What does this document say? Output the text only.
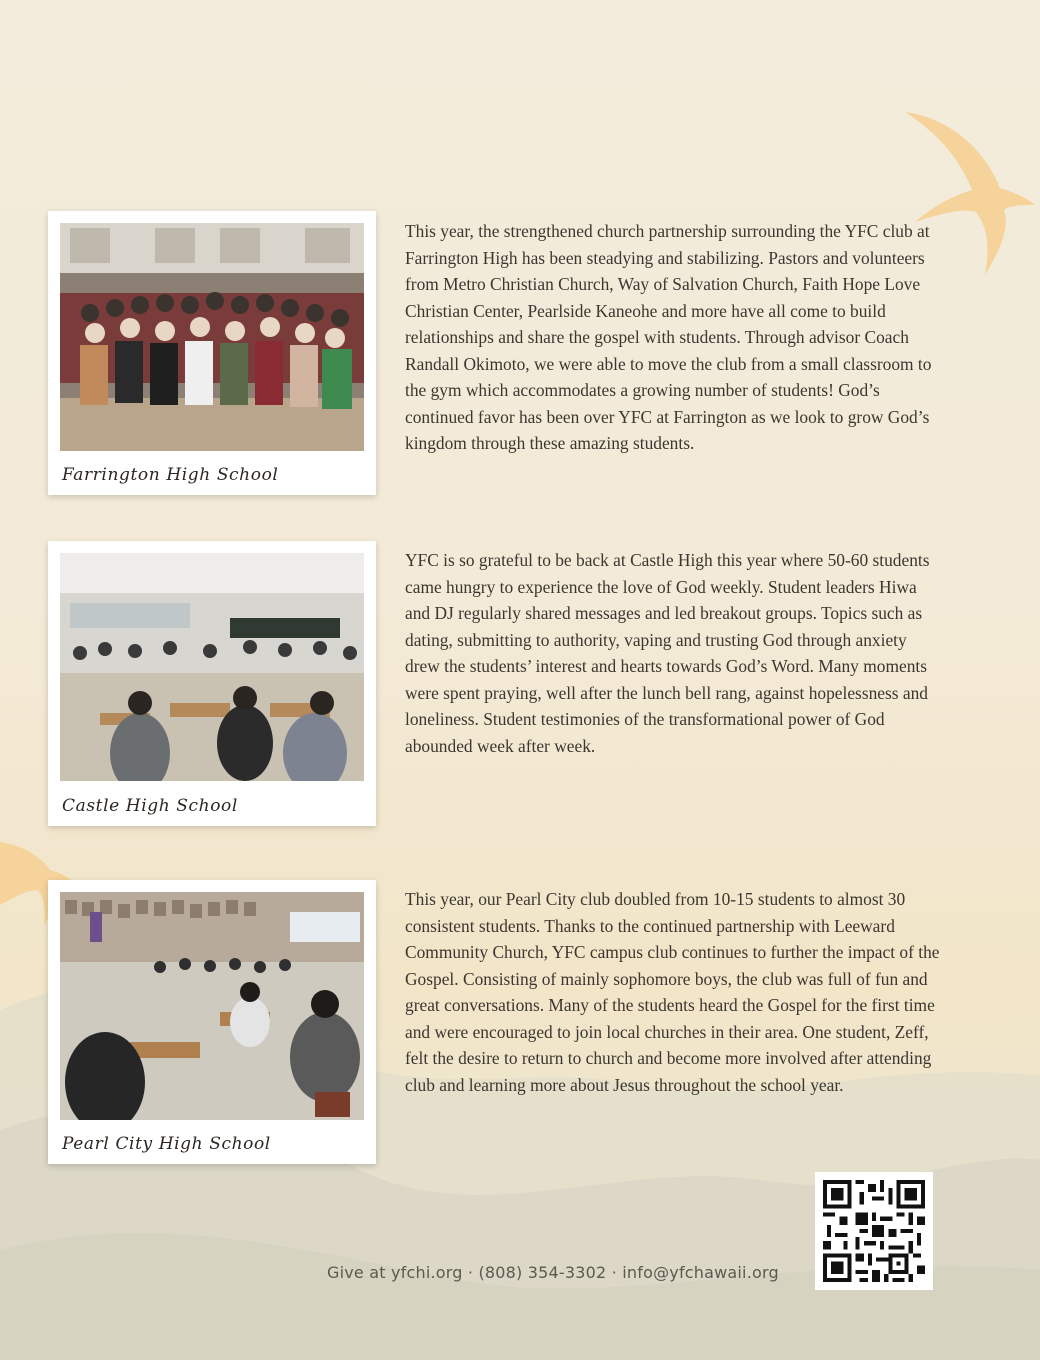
Farrington High School

This year, the strengthened church partnership surrounding the YFC club at Farrington High has been steadying and stabilizing. Pastors and volunteers from Metro Christian Church, Way of Salvation Church, Faith Hope Love Christian Center, Pearlside Kaneohe and more have all come to build relationships and share the gospel with students. Through advisor Coach Randall Okimoto, we were able to move the club from a small classroom to the gym which accommodates a growing number of students! God’s continued favor has been over YFC at Farrington as we look to grow God’s kingdom through these amazing students.

Castle High School

YFC is so grateful to be back at Castle High this year where 50-60 students came hungry to experience the love of God weekly. Student leaders Hiwa and DJ regularly shared messages and led breakout groups. Topics such as dating, submitting to authority, vaping and trusting God through anxiety drew the students’ interest and hearts towards God’s Word. Many moments were spent praying, well after the lunch bell rang, against hopelessness and loneliness. Student testimonies of the transformational power of God abounded week after week.

Pearl City High School

This year, our Pearl City club doubled from 10-15 students to almost 30 consistent students. Thanks to the continued partnership with Leeward Community Church, YFC campus club continues to further the impact of the Gospel. Consisting of mainly sophomore boys, the club was full of fun and great conversations. Many of the students heard the Gospel for the first time and were encouraged to join local churches in their area. One student, Zeff, felt the desire to return to church and become more involved after attending club and learning more about Jesus throughout the school year.

Give at yfchi.org · (808) 354-3302 · info@yfchawaii.org
